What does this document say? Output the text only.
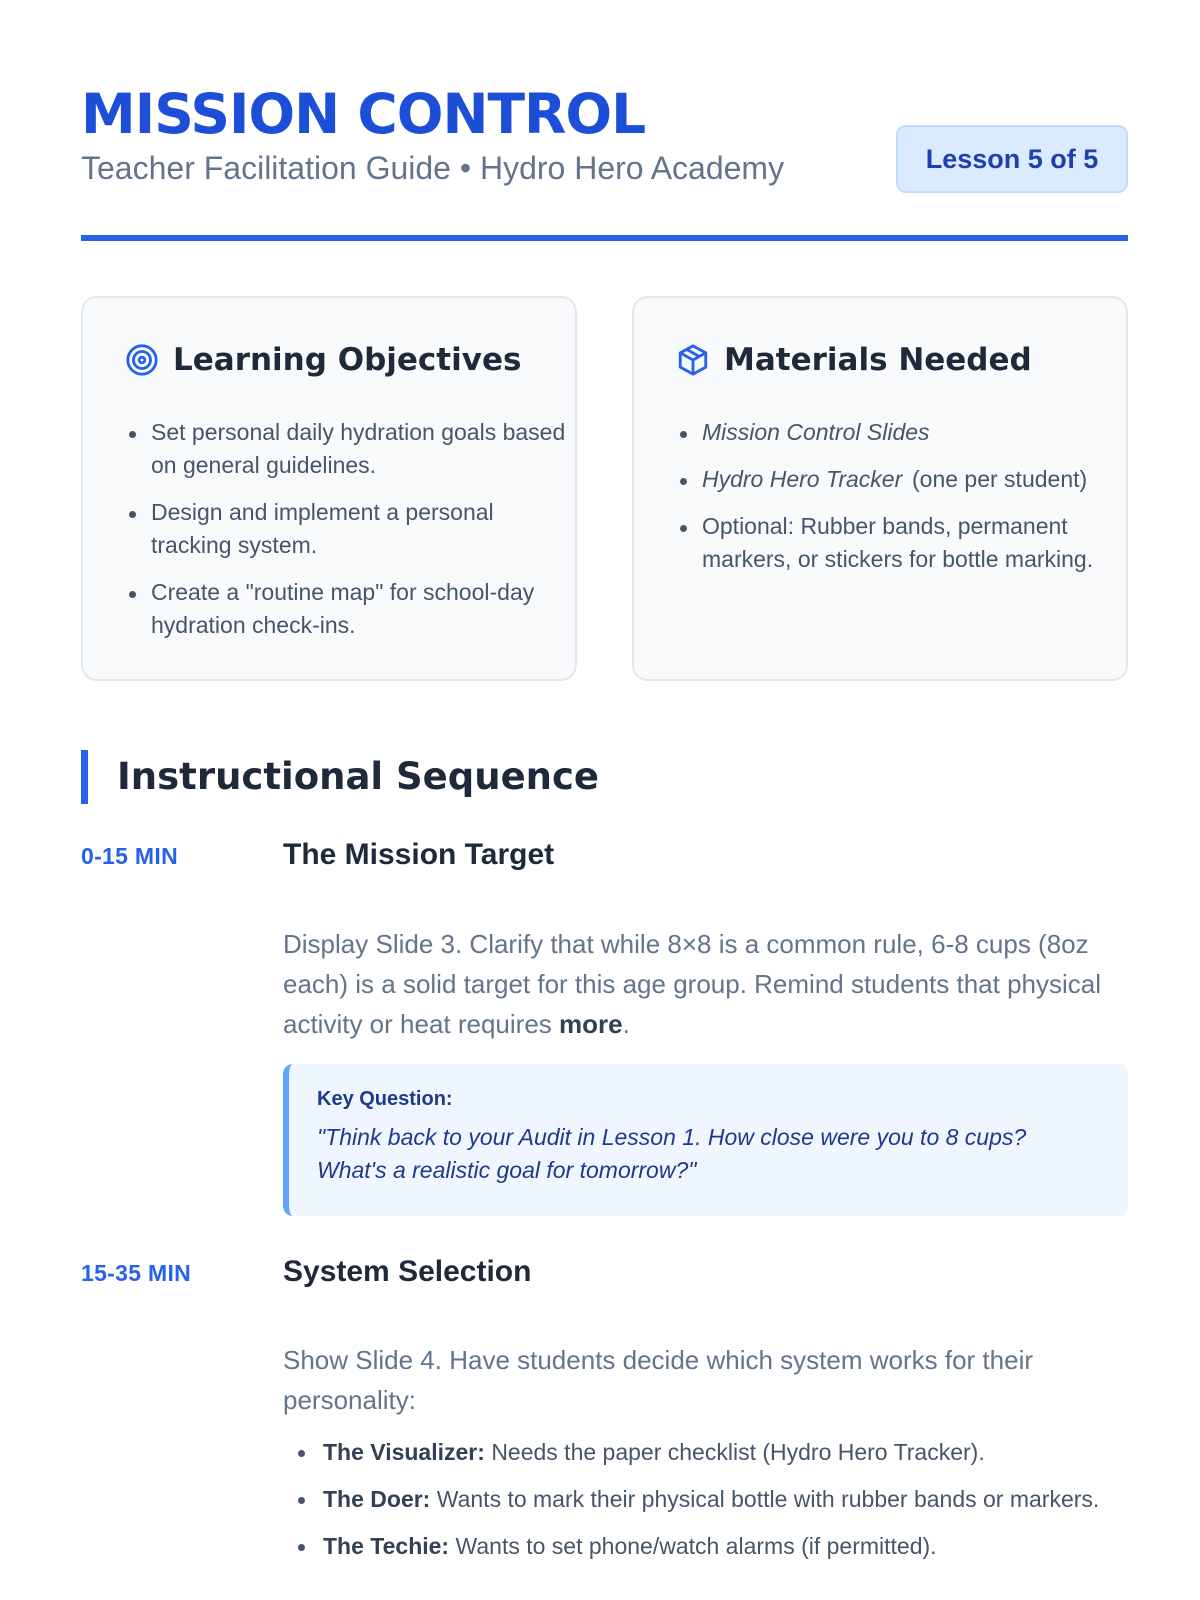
MISSION CONTROL
Teacher Facilitation Guide • Hydro Hero Academy	Lesson 5 of 5
Learning Objectives
Set personal daily hydration goals based on general guidelines.
Design and implement a personal tracking system.
Create a "routine map" for school-day hydration check-ins.
Materials Needed
Mission Control Slides
Hydro Hero Tracker (one per student)
Optional: Rubber bands, permanent markers, or stickers for bottle marking.
Instructional Sequence
0-15 MIN	The Mission Target

Display Slide 3. Clarify that while 8×8 is a common rule, 6-8 cups (8oz each) is a solid target for this age group. Remind students that physical activity or heat requires more.

Key Question:
"Think back to your Audit in Lesson 1. How close were you to 8 cups? What's a realistic goal for tomorrow?"
15-35 MIN	System Selection

Show Slide 4. Have students decide which system works for their personality:

The Visualizer: Needs the paper checklist (Hydro Hero Tracker).
The Doer: Wants to mark their physical bottle with rubber bands or markers.
The Techie: Wants to set phone/watch alarms (if permitted).
